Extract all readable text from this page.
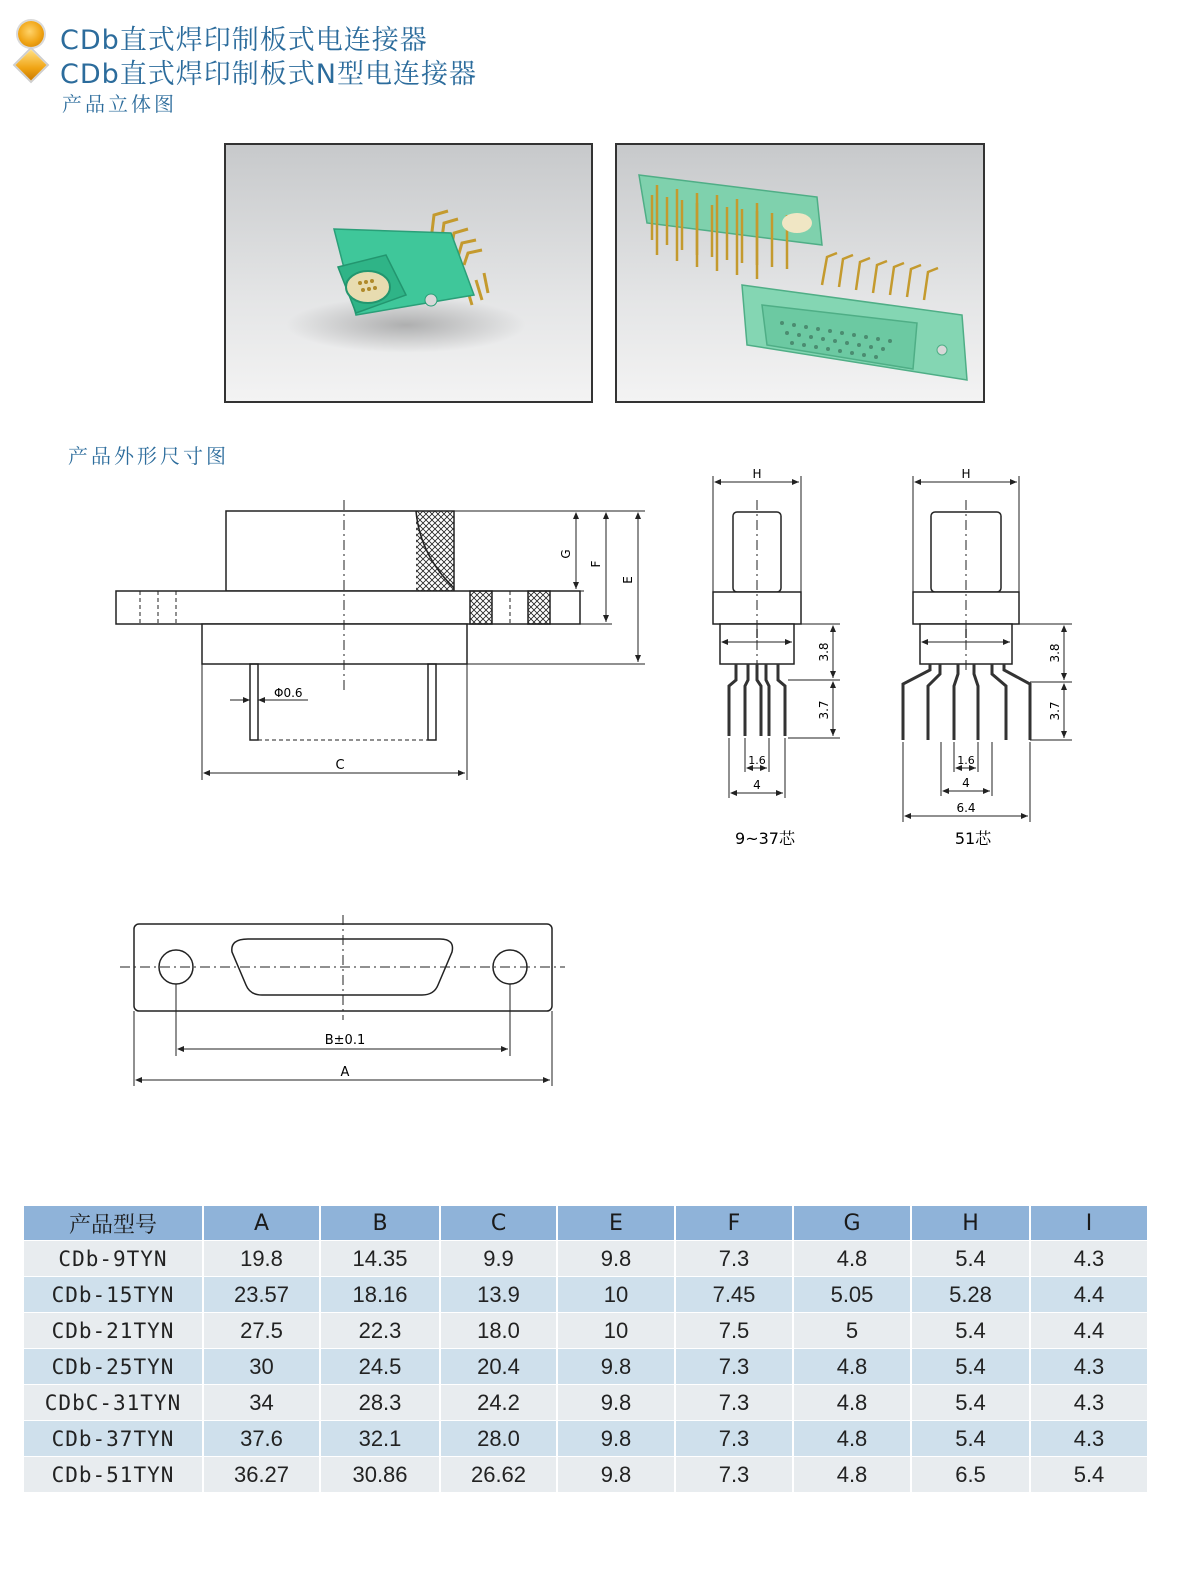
CDb直式焊印制板式电连接器
CDb直式焊印制板式N型电连接器
产品立体图
产品外形尺寸图
G
F
E
Φ0.6
C
H
I
3.8
3.7
1.6
4
9~37芯
H
I
3.8
3.7
1.6
4
6.4
51芯
B±0.1
A
产品型号	A	B	C	E	F	G	H	I
CDb-9TYN	19.8	14.35	9.9	9.8	7.3	4.8	5.4	4.3
CDb-15TYN	23.57	18.16	13.9	10	7.45	5.05	5.28	4.4
CDb-21TYN	27.5	22.3	18.0	10	7.5	5	5.4	4.4
CDb-25TYN	30	24.5	20.4	9.8	7.3	4.8	5.4	4.3
CDbC-31TYN	34	28.3	24.2	9.8	7.3	4.8	5.4	4.3
CDb-37TYN	37.6	32.1	28.0	9.8	7.3	4.8	5.4	4.3
CDb-51TYN	36.27	30.86	26.62	9.8	7.3	4.8	6.5	5.4
